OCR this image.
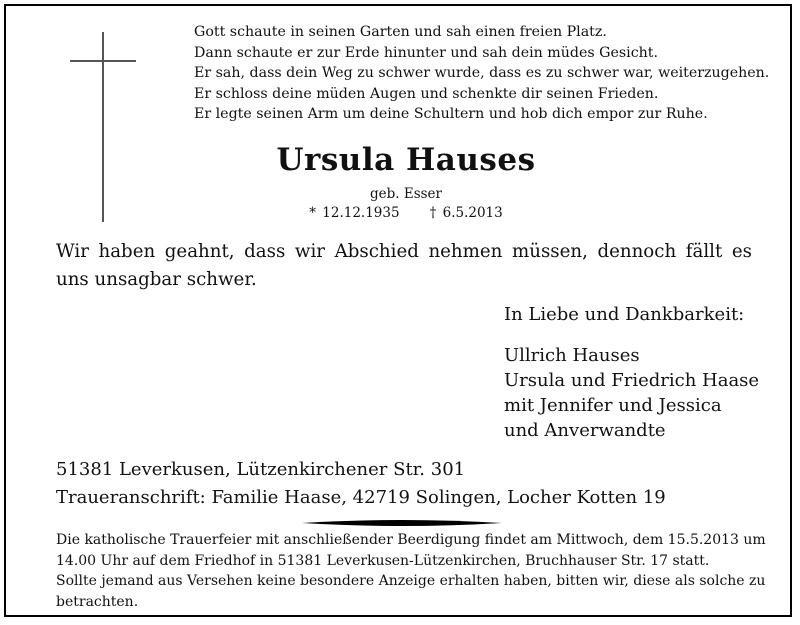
Gott schaute in seinen Garten und sah einen freien Platz.
Dann schaute er zur Erde hinunter und sah dein müdes Gesicht.
Er sah, dass dein Weg zu schwer wurde, dass es zu schwer war, weiterzugehen.
Er schloss deine müden Augen und schenkte dir seinen Frieden.
Er legte seinen Arm um deine Schultern und hob dich empor zur Ruhe.
Ursula Hauses
geb. Esser
* 12.12.1935 † 6.5.2013
Wir haben geahnt, dass wir Abschied nehmen müssen, dennoch fällt es uns unsagbar schwer.
In Liebe und Dankbarkeit:
Ullrich Hauses
Ursula und Friedrich Haase
mit Jennifer und Jessica
und Anverwandte
51381 Leverkusen, Lützenkirchener Str. 301
Traueranschrift: Familie Haase, 42719 Solingen, Locher Kotten 19
Die katholische Trauerfeier mit anschließender Beerdigung findet am Mittwoch, dem 15.5.2013 um
14.00 Uhr auf dem Friedhof in 51381 Leverkusen-Lützenkirchen, Bruchhauser Str. 17 statt.
Sollte jemand aus Versehen keine besondere Anzeige erhalten haben, bitten wir, diese als solche zu
betrachten.
